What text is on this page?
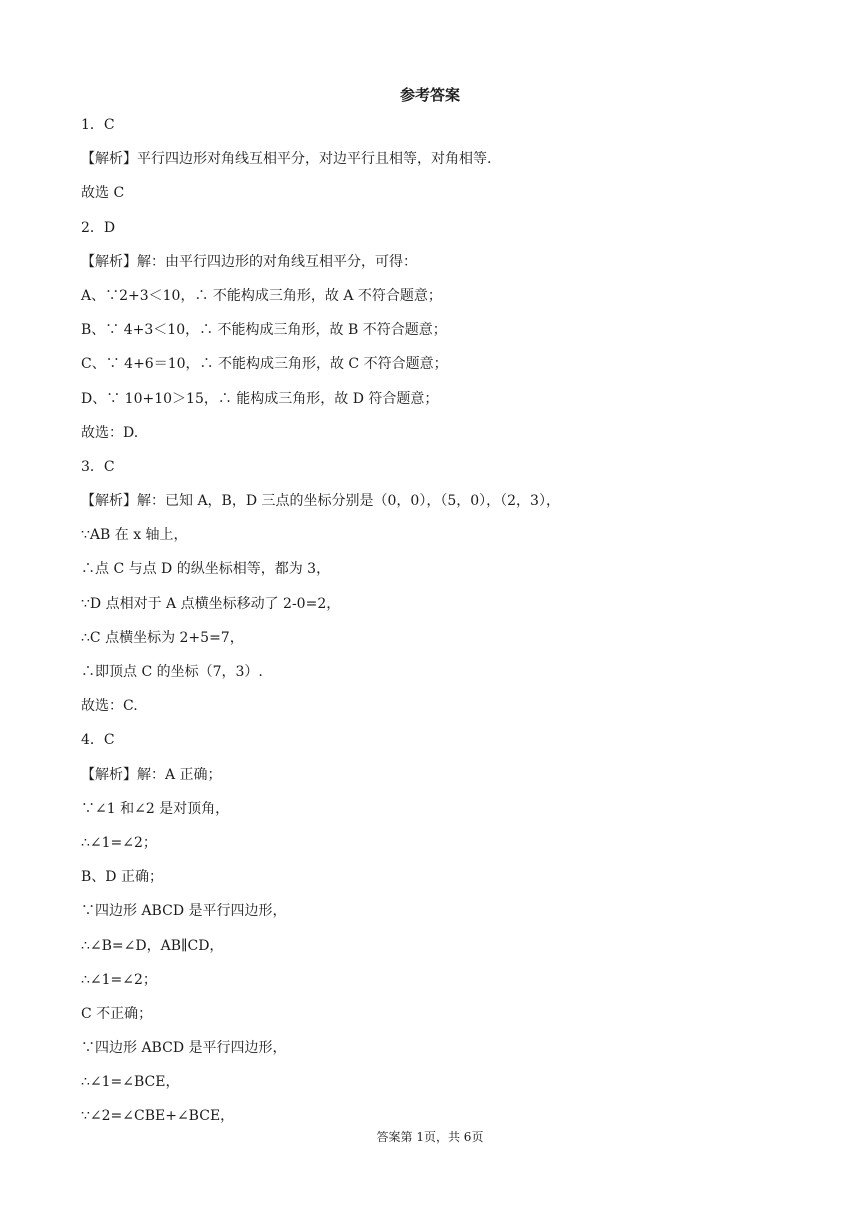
参考答案
1．C
【解析】平行四边形对角线互相平分，对边平行且相等，对角相等.
故选 C
2．D
【解析】解：由平行四边形的对角线互相平分，可得：
A、∵2+3＜10，∴ 不能构成三角形，故 A 不符合题意；
B、∵ 4+3＜10，∴ 不能构成三角形，故 B 不符合题意；
C、∵ 4+6＝10，∴ 不能构成三角形，故 C 不符合题意；
D、∵ 10+10＞15，∴ 能构成三角形，故 D 符合题意；
故选：D.
3．C
【解析】解：已知 A，B，D 三点的坐标分别是（0，0），（5，0），（2，3），
∵AB 在 x 轴上，
∴点 C 与点 D 的纵坐标相等，都为 3，
∵D 点相对于 A 点横坐标移动了 2-0=2，
∴C 点横坐标为 2+5=7，
∴即顶点 C 的坐标（7，3）.
故选：C.
4．C
【解析】解：A 正确；
∵∠1 和∠2 是对顶角，
∴∠1=∠2；
B、D 正确；
∵四边形 ABCD 是平行四边形，
∴∠B=∠D，AB∥CD，
∴∠1=∠2；
C 不正确；
∵四边形 ABCD 是平行四边形，
∴∠1=∠BCE，
∵∠2=∠CBE+∠BCE，
答案第 1页，共 6页
